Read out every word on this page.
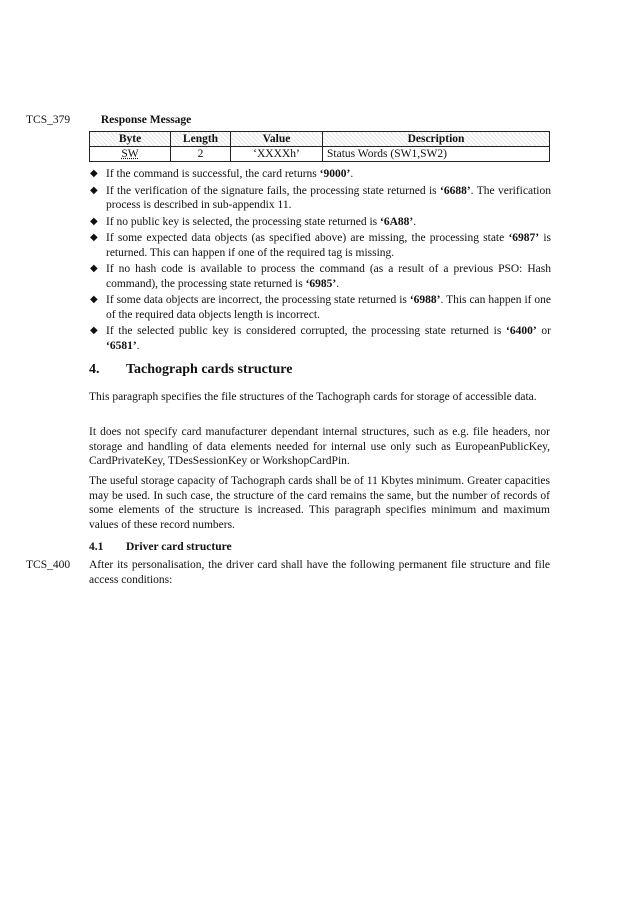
TCS_379	Response Message
Byte	Length	Value	Description
SW	2	‘XXXXh’	Status Words (SW1,SW2)
◆ If the command is successful, the card returns ‘9000’.
◆ If the verification of the signature fails, the processing state returned is ‘6688’. The verification process is described in sub-appendix 11.
◆ If no public key is selected, the processing state returned is ‘6A88’.
◆ If some expected data objects (as specified above) are missing, the processing state ‘6987’ is returned. This can happen if one of the required tag is missing.
◆ If no hash code is available to process the command (as a result of a previous PSO: Hash command), the processing state returned is ‘6985’.
◆ If some data objects are incorrect, the processing state returned is ‘6988’. This can happen if one of the required data objects length is incorrect.
◆ If the selected public key is considered corrupted, the processing state returned is ‘6400’ or ‘6581’.
4. Tachograph cards structure

This paragraph specifies the file structures of the Tachograph cards for storage of accessible data.

It does not specify card manufacturer dependant internal structures, such as e.g. file headers, nor storage and handling of data elements needed for internal use only such as EuropeanPublicKey, CardPrivateKey, TDesSessionKey or WorkshopCardPin.

The useful storage capacity of Tachograph cards shall be of 11 Kbytes minimum. Greater capacities may be used. In such case, the structure of the card remains the same, but the number of records of some elements of the structure is increased. This paragraph specifies minimum and maximum values of these record numbers.

4.1 Driver card structure
TCS_400 After its personalisation, the driver card shall have the following permanent file structure and file access conditions:
